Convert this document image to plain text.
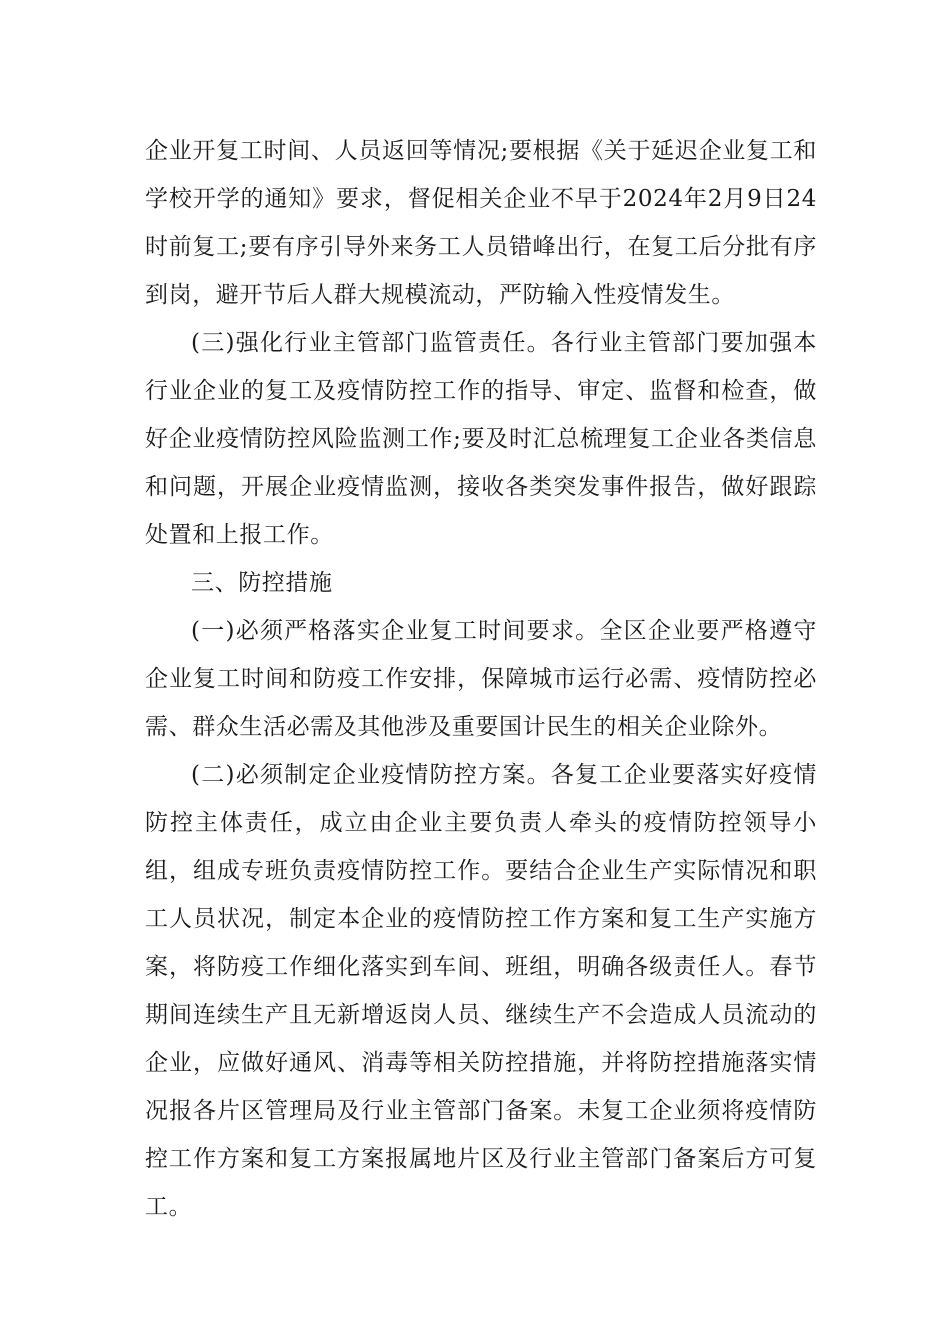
企业开复工时间、人员返回等情况;要根据《关于延迟企业复工和学校开学的通知》要求，督促相关企业不早于2024年2月9日24时前复工;要有序引导外来务工人员错峰出行，在复工后分批有序到岗，避开节后人群大规模流动，严防输入性疫情发生。

(三)强化行业主管部门监管责任。各行业主管部门要加强本行业企业的复工及疫情防控工作的指导、审定、监督和检查，做好企业疫情防控风险监测工作;要及时汇总梳理复工企业各类信息和问题，开展企业疫情监测，接收各类突发事件报告，做好跟踪处置和上报工作。

三、防控措施

(一)必须严格落实企业复工时间要求。全区企业要严格遵守企业复工时间和防疫工作安排，保障城市运行必需、疫情防控必需、群众生活必需及其他涉及重要国计民生的相关企业除外。

(二)必须制定企业疫情防控方案。各复工企业要落实好疫情防控主体责任，成立由企业主要负责人牵头的疫情防控领导小组，组成专班负责疫情防控工作。要结合企业生产实际情况和职工人员状况，制定本企业的疫情防控工作方案和复工生产实施方案，将防疫工作细化落实到车间、班组，明确各级责任人。春节期间连续生产且无新增返岗人员、继续生产不会造成人员流动的企业，应做好通风、消毒等相关防控措施，并将防控措施落实情况报各片区管理局及行业主管部门备案。未复工企业须将疫情防控工作方案和复工方案报属地片区及行业主管部门备案后方可复工。
